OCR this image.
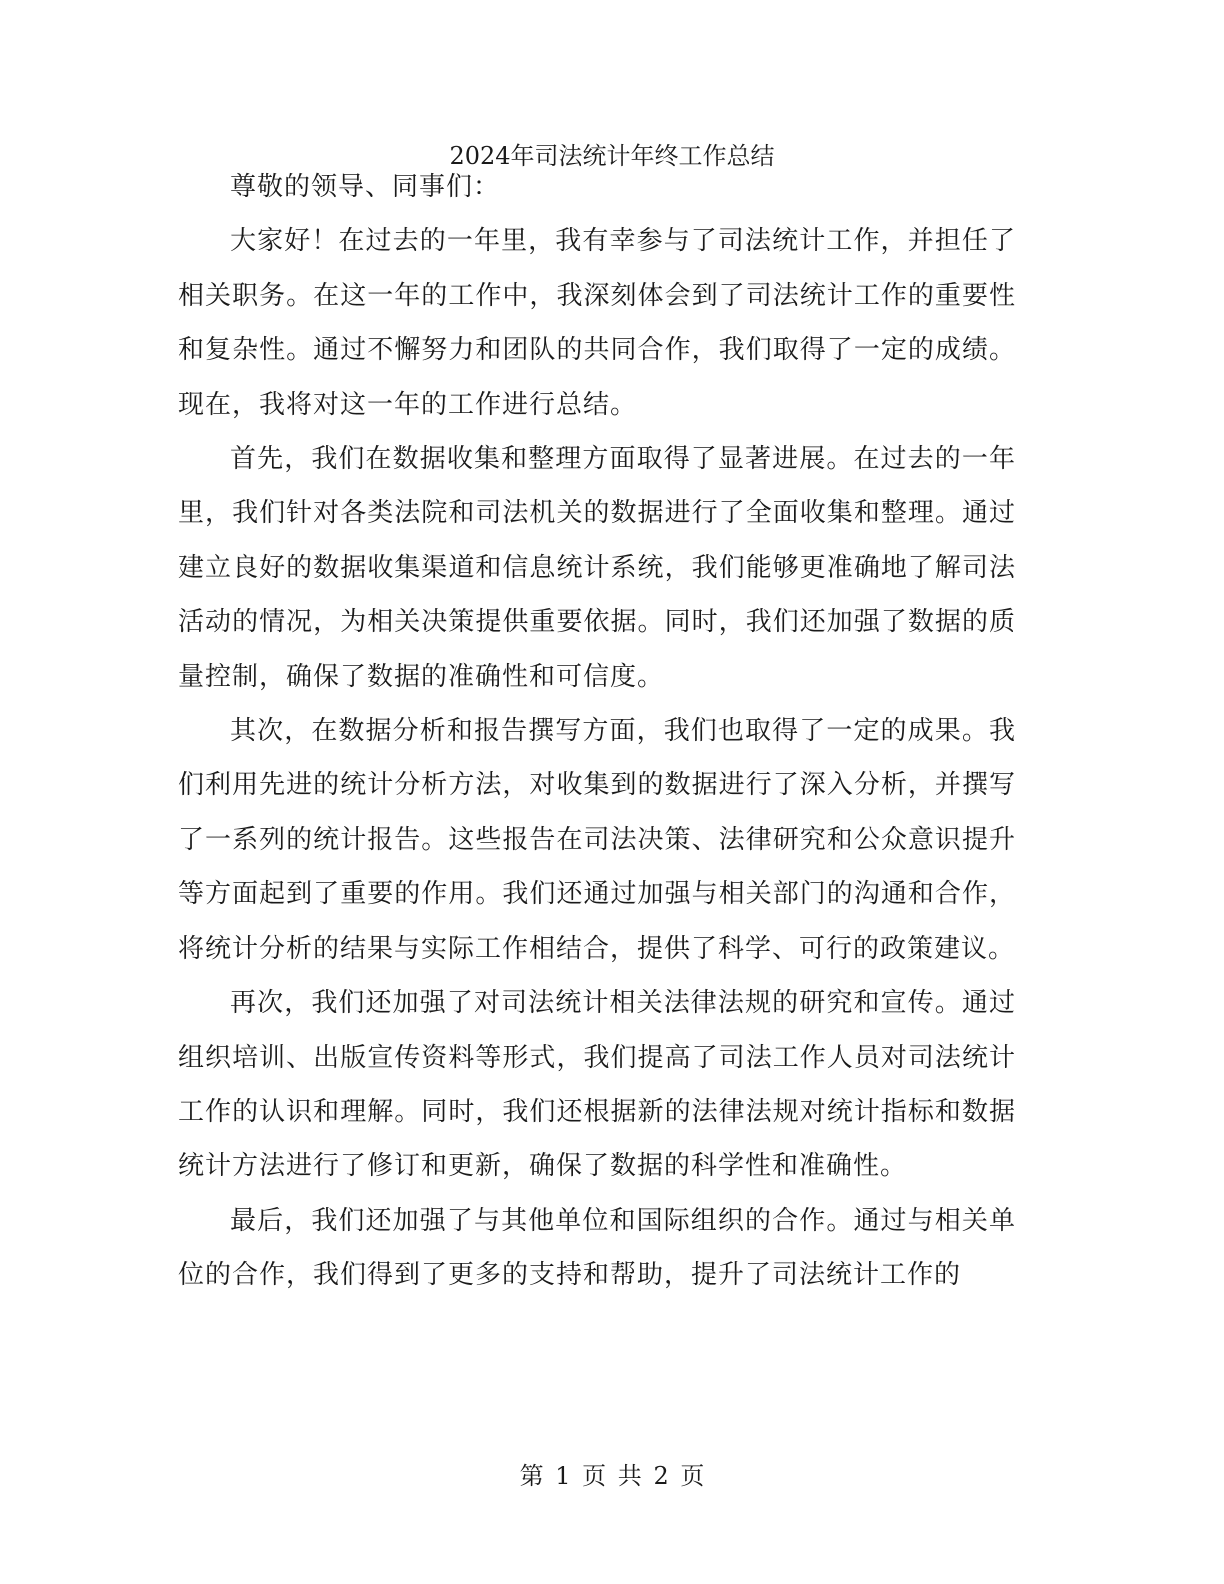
2024年司法统计年终工作总结

尊敬的领导、同事们：

大家好！在过去的一年里，我有幸参与了司法统计工作，并担任了相关职务。在这一年的工作中，我深刻体会到了司法统计工作的重要性和复杂性。通过不懈努力和团队的共同合作，我们取得了一定的成绩。现在，我将对这一年的工作进行总结。

首先，我们在数据收集和整理方面取得了显著进展。在过去的一年里，我们针对各类法院和司法机关的数据进行了全面收集和整理。通过建立良好的数据收集渠道和信息统计系统，我们能够更准确地了解司法活动的情况，为相关决策提供重要依据。同时，我们还加强了数据的质量控制，确保了数据的准确性和可信度。

其次，在数据分析和报告撰写方面，我们也取得了一定的成果。我们利用先进的统计分析方法，对收集到的数据进行了深入分析，并撰写了一系列的统计报告。这些报告在司法决策、法律研究和公众意识提升等方面起到了重要的作用。我们还通过加强与相关部门的沟通和合作，将统计分析的结果与实际工作相结合，提供了科学、可行的政策建议。

再次，我们还加强了对司法统计相关法律法规的研究和宣传。通过组织培训、出版宣传资料等形式，我们提高了司法工作人员对司法统计工作的认识和理解。同时，我们还根据新的法律法规对统计指标和数据统计方法进行了修订和更新，确保了数据的科学性和准确性。

最后，我们还加强了与其他单位和国际组织的合作。通过与相关单位的合作，我们得到了更多的支持和帮助，提升了司法统计工作的

第 1 页 共 2 页
